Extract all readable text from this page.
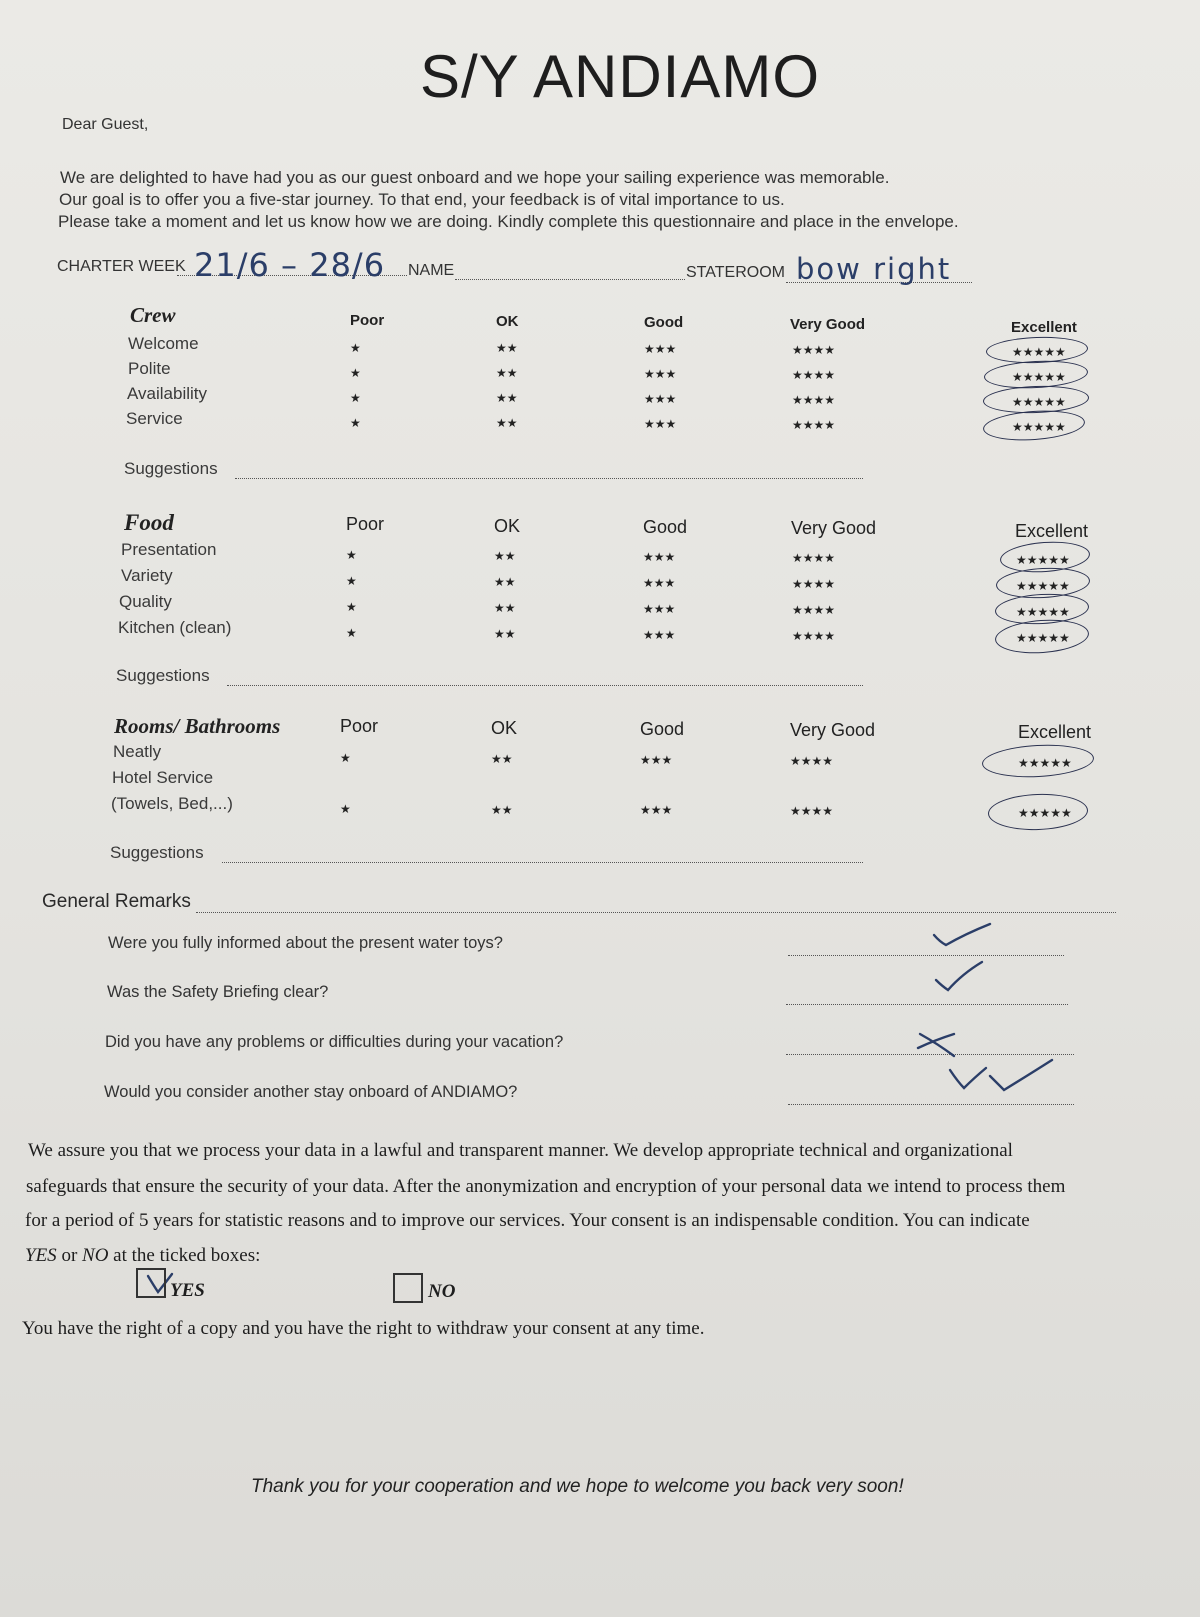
S/Y ANDIAMO
Dear Guest,
We are delighted to have had you as our guest onboard and we hope your sailing experience was memorable.
Our goal is to offer you a five-star journey. To that end, your feedback is of vital importance to us.
Please take a moment and let us know how we are doing. Kindly complete this questionnaire and place in the envelope.
CHARTER WEEK 21/6 – 28/6 NAME	STATEROOM bow right
Crew	Poor	OK	Good	Very Good	Excellent
Welcome	★	★★	★★★	★★★★	★★★★★
Polite	★	★★	★★★	★★★★	★★★★★
Availability	★	★★	★★★	★★★★	★★★★★
Service	★	★★	★★★	★★★★	★★★★★
Suggestions
Food	Poor	OK	Good	Very Good	Excellent
Presentation	★	★★	★★★	★★★★	★★★★★
Variety	★	★★	★★★	★★★★	★★★★★
Quality	★	★★	★★★	★★★★	★★★★★
Kitchen (clean)	★	★★	★★★	★★★★	★★★★★
Suggestions
Rooms/ Bathrooms	Poor	OK	Good	Very Good	Excellent
Neatly	★	★★	★★★	★★★★	★★★★★
Hotel Service
(Towels, Bed,...)	★	★★	★★★	★★★★	★★★★★
Suggestions
General Remarks
Were you fully informed about the present water toys?
Was the Safety Briefing clear?
Did you have any problems or difficulties during your vacation?
Would you consider another stay onboard of ANDIAMO?
We assure you that we process your data in a lawful and transparent manner. We develop appropriate technical and organizational
safeguards that ensure the security of your data. After the anonymization and encryption of your personal data we intend to process them
for a period of 5 years for statistic reasons and to improve our services. Your consent is an indispensable condition. You can indicate
YES or NO at the ticked boxes:
YES	NO
You have the right of a copy and you have the right to withdraw your consent at any time.
Thank you for your cooperation and we hope to welcome you back very soon!
